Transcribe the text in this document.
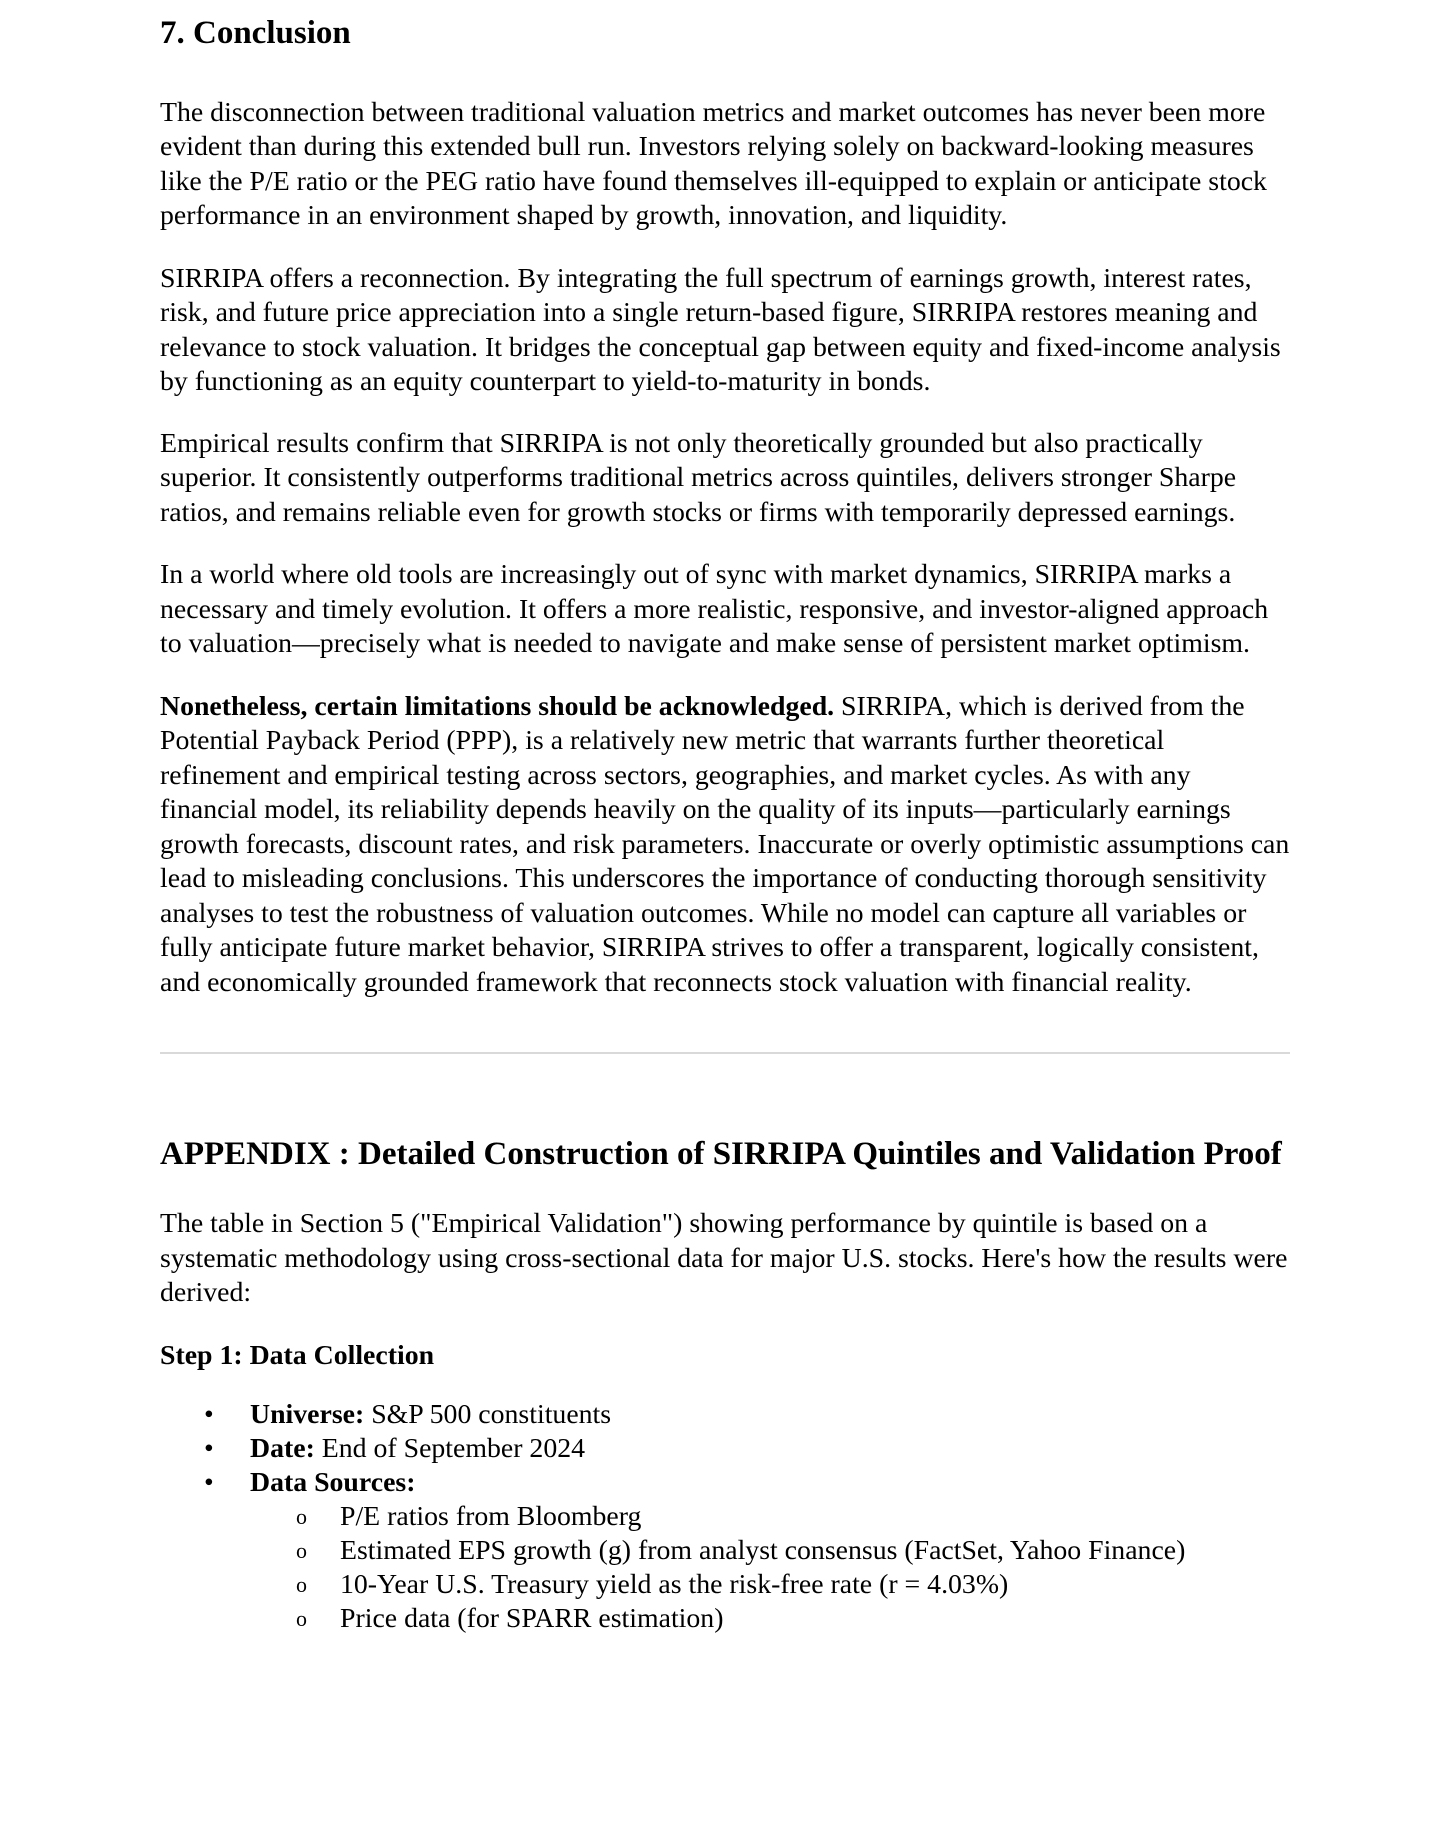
7. Conclusion

The disconnection between traditional valuation metrics and market outcomes has never been more evident than during this extended bull run. Investors relying solely on backward-looking measures like the P/E ratio or the PEG ratio have found themselves ill-equipped to explain or anticipate stock performance in an environment shaped by growth, innovation, and liquidity.

SIRRIPA offers a reconnection. By integrating the full spectrum of earnings growth, interest rates, risk, and future price appreciation into a single return-based figure, SIRRIPA restores meaning and relevance to stock valuation. It bridges the conceptual gap between equity and fixed-income analysis by functioning as an equity counterpart to yield-to-maturity in bonds.

Empirical results confirm that SIRRIPA is not only theoretically grounded but also practically superior. It consistently outperforms traditional metrics across quintiles, delivers stronger Sharpe ratios, and remains reliable even for growth stocks or firms with temporarily depressed earnings.

In a world where old tools are increasingly out of sync with market dynamics, SIRRIPA marks a necessary and timely evolution. It offers a more realistic, responsive, and investor-aligned approach to valuation—precisely what is needed to navigate and make sense of persistent market optimism.

Nonetheless, certain limitations should be acknowledged. SIRRIPA, which is derived from the Potential Payback Period (PPP), is a relatively new metric that warrants further theoretical refinement and empirical testing across sectors, geographies, and market cycles. As with any financial model, its reliability depends heavily on the quality of its inputs—particularly earnings growth forecasts, discount rates, and risk parameters. Inaccurate or overly optimistic assumptions can lead to misleading conclusions. This underscores the importance of conducting thorough sensitivity analyses to test the robustness of valuation outcomes. While no model can capture all variables or fully anticipate future market behavior, SIRRIPA strives to offer a transparent, logically consistent, and economically grounded framework that reconnects stock valuation with financial reality.

APPENDIX : Detailed Construction of SIRRIPA Quintiles and Validation Proof

The table in Section 5 ("Empirical Validation") showing performance by quintile is based on a systematic methodology using cross-sectional data for major U.S. stocks. Here's how the results were derived:

Step 1: Data Collection
• Universe: S&P 500 constituents
• Date: End of September 2024
• Data Sources:
o P/E ratios from Bloomberg
o Estimated EPS growth (g) from analyst consensus (FactSet, Yahoo Finance)
o 10-Year U.S. Treasury yield as the risk-free rate (r = 4.03%)
o Price data (for SPARR estimation)
